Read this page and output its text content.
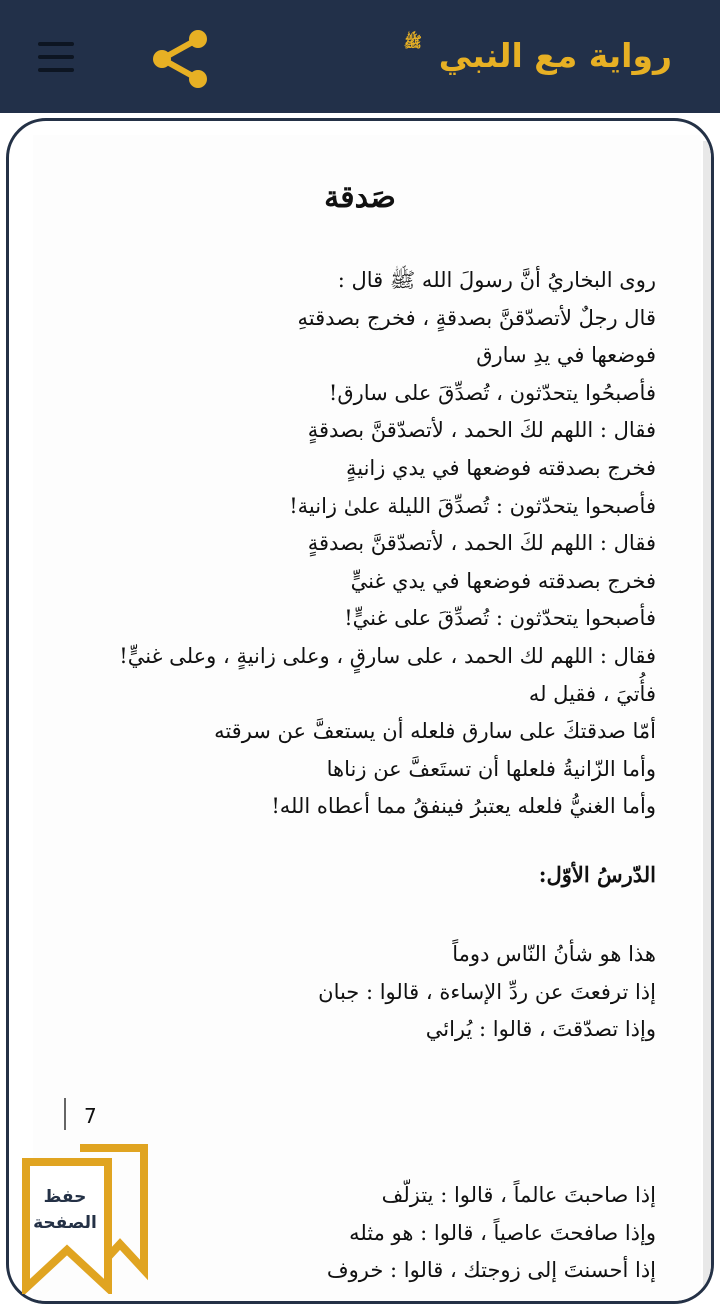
رواية مع النبيﷺ
صَدقة
روى البخاريُ أنَّ رسولَ الله ﷺ قال :
قال رجلٌ لأتصدّقنَّ بصدقةٍ ، فخرج بصدقتهِ
فوضعها في يدِ سارق
فأصبحُوا يتحدّثون ، تُصدِّقَ على سارق!
فقال : اللهم لكَ الحمد ، لأتصدّقنَّ بصدقةٍ
فخرج بصدقته فوضعها في يدي زانيةٍ
فأصبحوا يتحدّثون : تُصدِّقَ الليلة علىٰ زانية!
فقال : اللهم لكَ الحمد ، لأتصدّقنَّ بصدقةٍ
فخرج بصدقته فوضعها في يدي غنيٍّ
فأصبحوا يتحدّثون : تُصدِّقَ على غنيٍّ!
فقال : اللهم لك الحمد ، على سارقٍ ، وعلى زانيةٍ ، وعلى غنيٍّ!
فأُتيَ ، فقيل له
أمّا صدقتكَ على سارق فلعله أن يستعفَّ عن سرقته
وأما الزّانيةُ فلعلها أن تستَعفَّ عن زناها
وأما الغنيُّ فلعله يعتبرُ فينفقُ مما أعطاه الله!
الدّرسُ الأوّل:
هذا هو شأنُ النّاس دوماً
إذا ترفعتَ عن ردِّ الإساءة ، قالوا : جبان
وإذا تصدّقتَ ، قالوا : يُرائي
7
إذا صاحبتَ عالماً ، قالوا : يتزلّف
وإذا صافحتَ عاصياً ، قالوا : هو مثله
إذا أحسنتَ إلى زوجتك ، قالوا : خروف
حفظ
الصفحة
